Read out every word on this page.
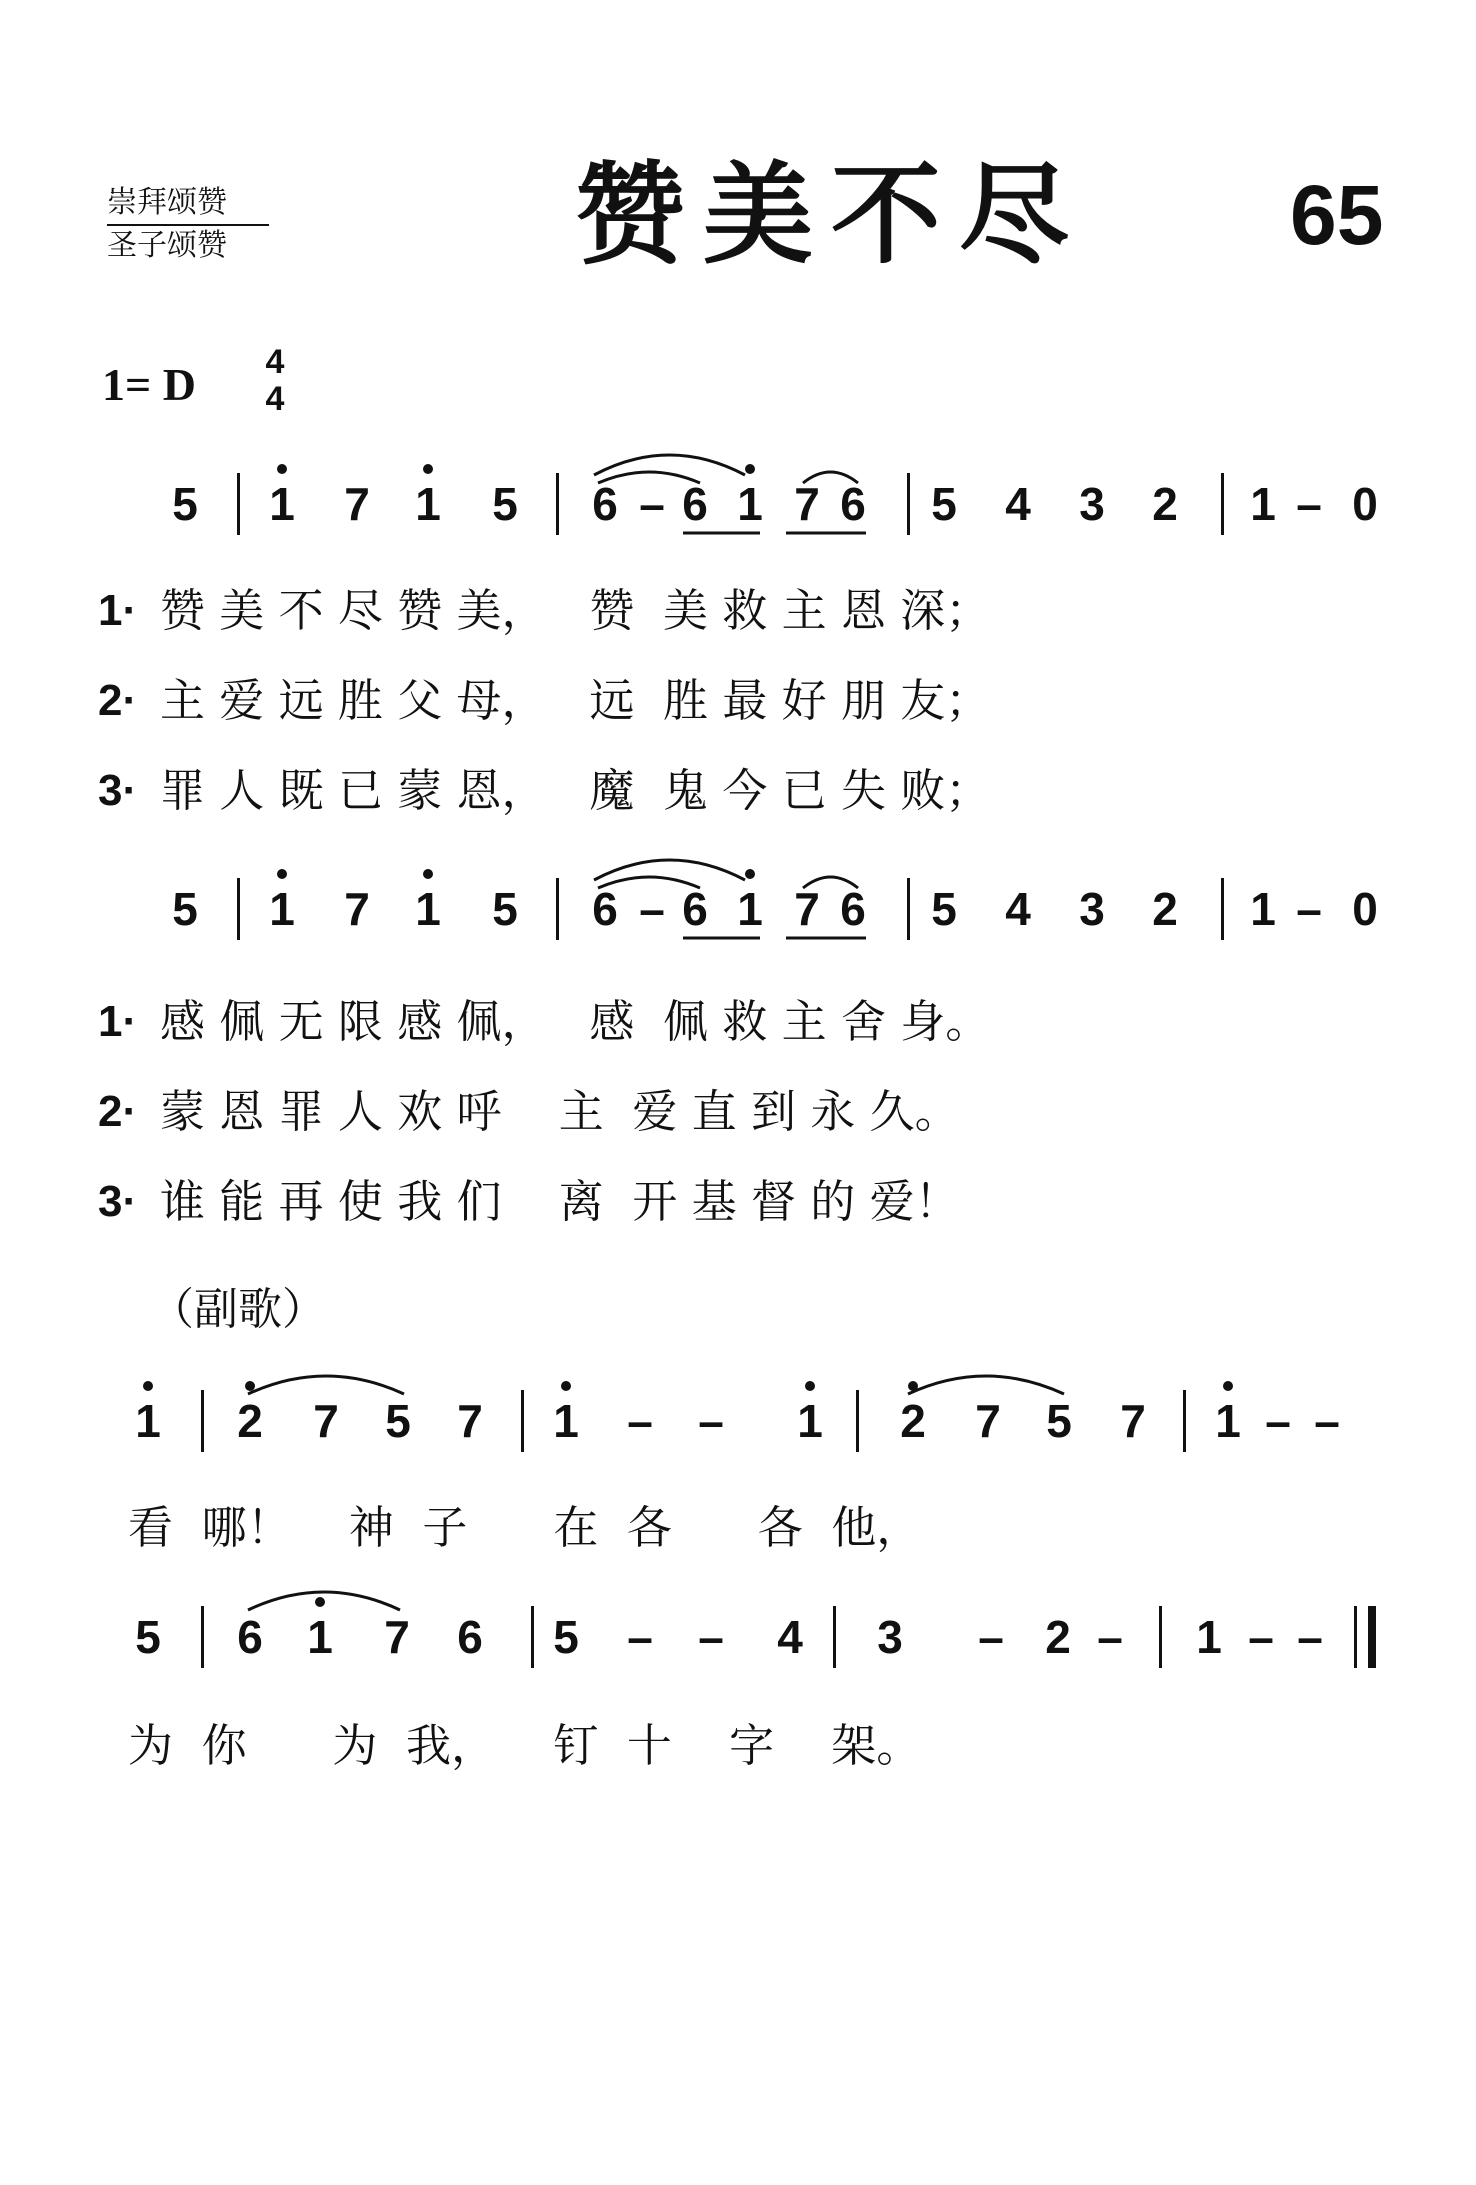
崇拜颂赞
圣子颂赞	赞美不尽 65
1= D 4
4
5 1 7 1 5 6 – 6 1 7 6 5 4 3 2 1 – 0
5 1 7 1 5 6 – 6 1 7 6 5 4 3 2 1 – 0
1 2 7 5 7 1 – – 1 2 7 5 7 1 – –
5 6 1 7 6 5 – – 4 3 – 2 – 1 – –
1· 赞 美 不 尽 赞 美，   赞  美 救 主 恩 深；
2· 主 爱 远 胜 父 母，   远  胜 最 好 朋 友；
3· 罪 人 既 已 蒙 恩，   魔  鬼 今 已 失 败；
1· 感 佩 无 限 感 佩，   感  佩 救 主 舍 身。
2· 蒙 恩 罪 人 欢 呼    主  爱 直 到 永 久。
3· 谁 能 再 使 我 们    离  开 基 督 的 爱！
（副歌）
看  哪！    神  子      在  各      各  他，
为  你      为  我，    钉  十    字    架。
